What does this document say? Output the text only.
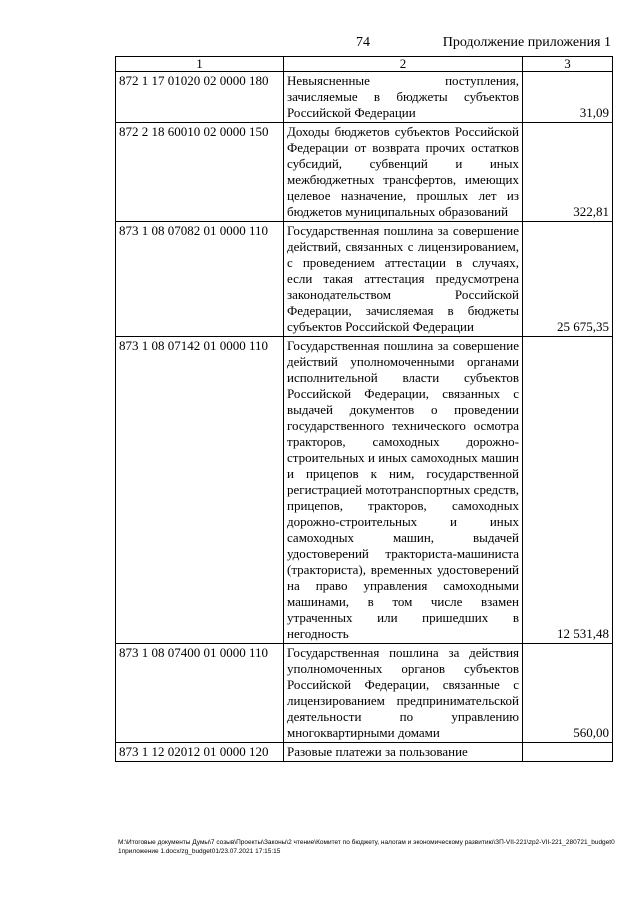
74	Продолжение приложения 1
1	2	3
872 1 17 01020 02 0000 180	Невыясненные поступления, зачисляемые в бюджеты субъектов Российской Федерации	31,09
872 2 18 60010 02 0000 150	Доходы бюджетов субъектов Российской Федерации от возврата прочих остатков субсидий, субвенций и иных межбюджетных трансфертов, имеющих целевое назначение, прошлых лет из бюджетов муниципальных образований	322,81
873 1 08 07082 01 0000 110	Государственная пошлина за совершение действий, связанных с лицензированием, с проведением аттестации в случаях, если такая аттестация предусмотрена законодательством Российской Федерации, зачисляемая в бюджеты субъектов Российской Федерации	25 675,35
873 1 08 07142 01 0000 110	Государственная пошлина за совершение действий уполномоченными органами исполнительной власти субъектов Российской Федерации, связанных с выдачей документов о проведении государственного технического осмотра тракторов, самоходных дорожно-строительных и иных самоходных машин и прицепов к ним, государственной регистрацией мототранспортных средств, прицепов, тракторов, самоходных дорожно-строительных и иных самоходных машин, выдачей удостоверений тракториста-машиниста (тракториста), временных удостоверений на право управления самоходными машинами, в том числе взамен утраченных или пришедших в негодность	12 531,48
873 1 08 07400 01 0000 110	Государственная пошлина за действия уполномоченных органов субъектов Российской Федерации, связанные с лицензированием предпринимательской деятельности по управлению многоквартирными домами	560,00
873 1 12 02012 01 0000 120	Разовые платежи за пользование	
M:\Итоговые документы Думы\7 созыв\Проекты\Законы\2 чтение\Комитет по бюджету, налогам и экономическому развитию\ЗП-VII-221\zp2-VII-221_280721_budget01приложение 1.docx/zg_budget01/23.07.2021 17:15:15
